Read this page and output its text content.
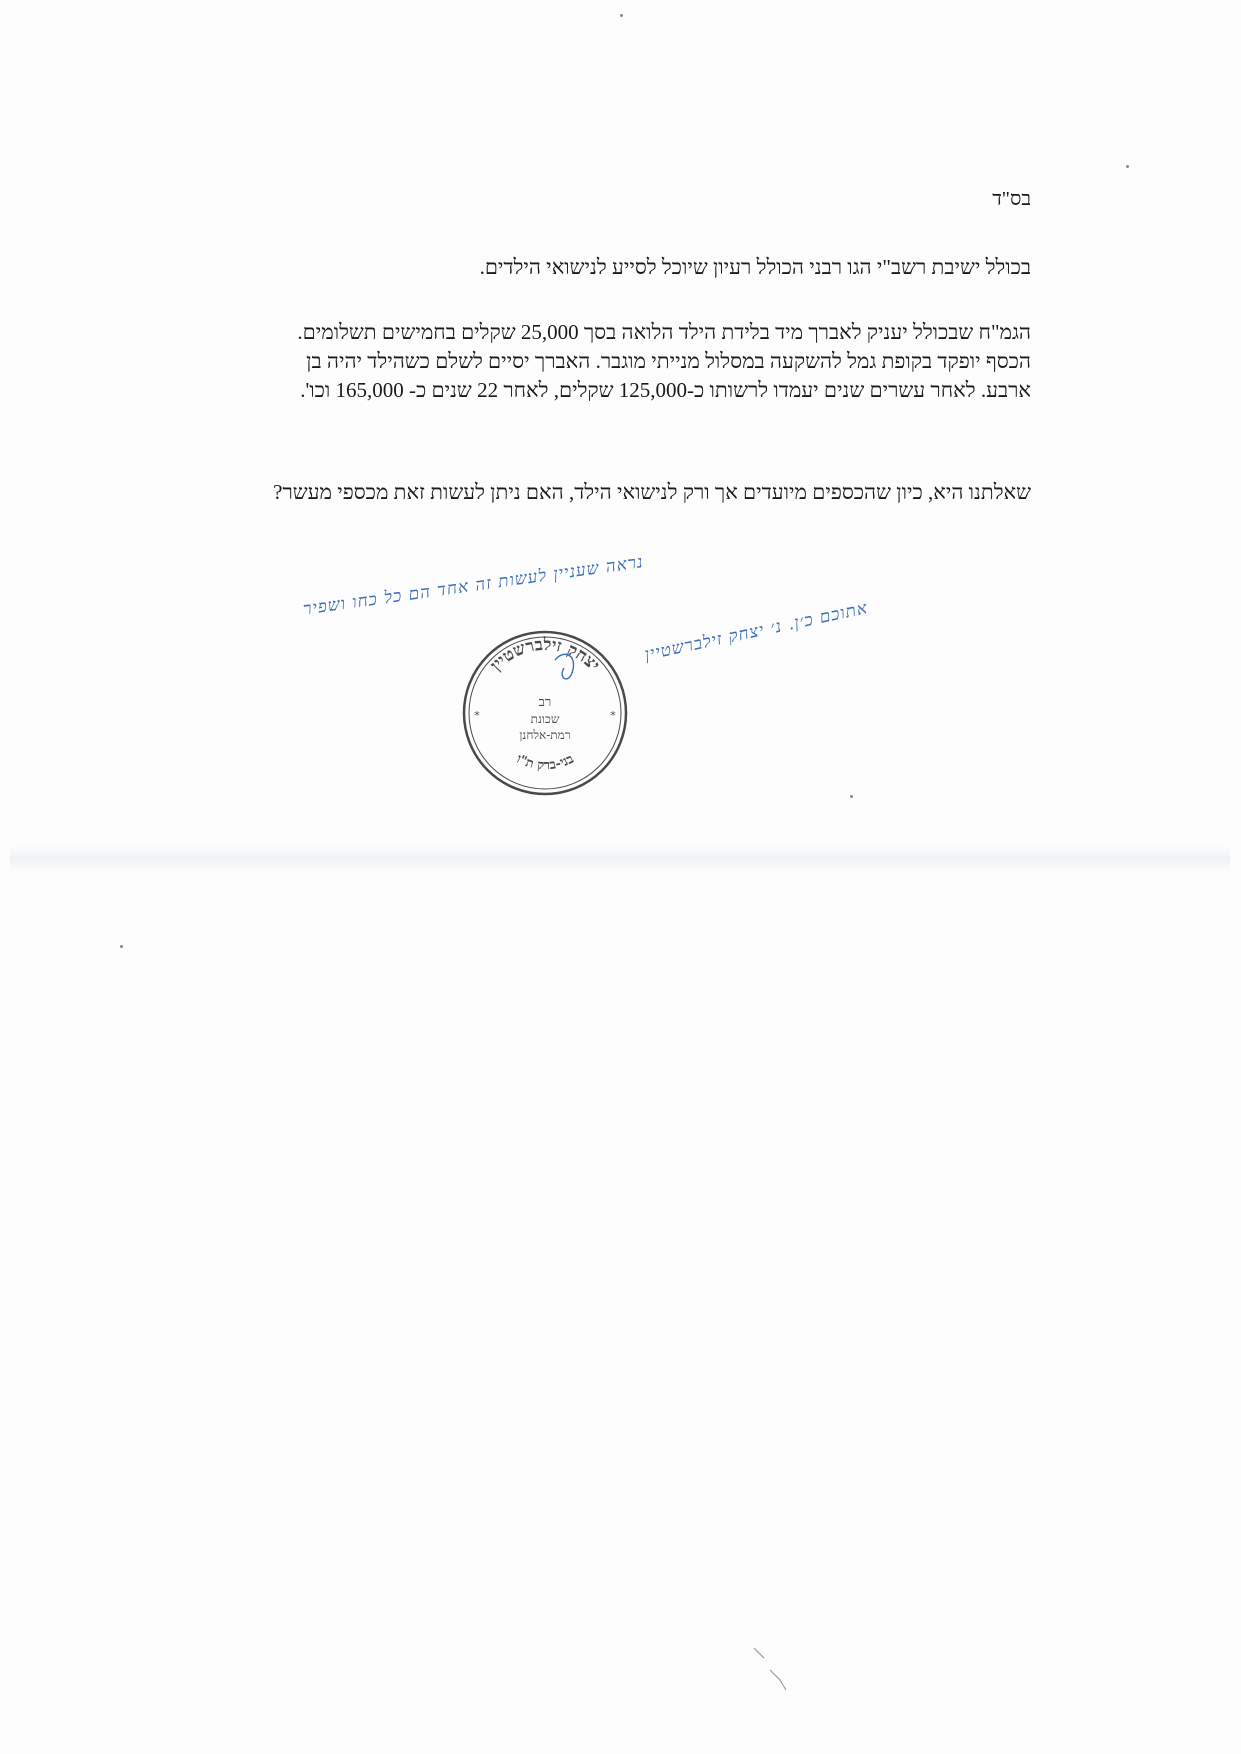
בס"ד
בכולל ישיבת רשב"י הגו רבני הכולל רעיון שיוכל לסייע לנישואי הילדים.
הגמ"ח שבכולל יעניק לאברך מיד בלידת הילד הלואה בסך 25,000 שקלים בחמישים תשלומים.
הכסף יופקד בקופת גמל להשקעה במסלול מנייתי מוגבר. האברך יסיים לשלם כשהילד יהיה בן
ארבע. לאחר עשרים שנים יעמדו לרשותו כ-125,000 שקלים, לאחר 22 שנים כ- 165,000 וכו'.
שאלתנו היא, כיון שהכספים מיועדים אך ורק לנישואי הילד, האם ניתן לעשות זאת מכספי מעשר?
נראה שעניין לעשות זה אחד הם כל כחו ושפיר
אתוכם כ׳ן. נ׳ יצחק זילברשטיין
יצחק זילברשטיין
בני-ברק ת"ו
רב
שכונת
רמת-אלחנן
*	*
